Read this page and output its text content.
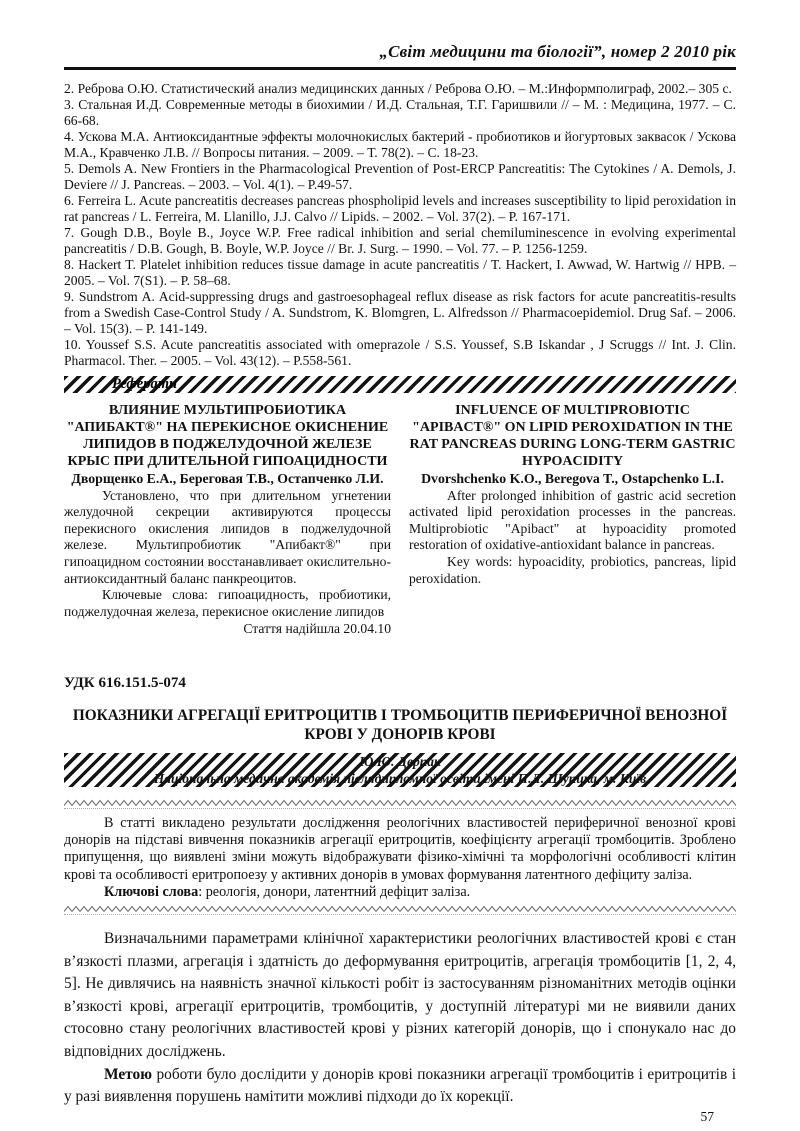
„Світ медицини та біології”, номер 2 2010 рік

2. Реброва О.Ю. Статистический анализ медицинских данных / Реброва О.Ю. – М.:Информполиграф, 2002.– 305 с.

3. Стальная И.Д. Современные методы в биохимии / И.Д. Стальная, Т.Г. Гаришвили // – М. : Медицина, 1977. – С. 66-68.

4. Ускова М.А. Антиоксидантные эффекты молочнокислых бактерий - пробиотиков и йогуртовых заквасок / Ускова М.А., Кравченко Л.В. // Вопросы питания. – 2009. – Т. 78(2). – С. 18-23.

5. Demols A. New Frontiers in the Pharmacological Prevention of Post-ERCP Pancreatitis: The Cytokines / A. Demols, J. Deviere // J. Pancreas. – 2003. – Vol. 4(1). – P.49-57.

6. Ferreira L. Acute pancreatitis decreases pancreas phospholipid levels and increases susceptibility to lipid peroxidation in rat pancreas / L. Ferreira, M. Llanillo, J.J. Calvo // Lipids. – 2002. – Vol. 37(2). – P. 167-171.

7. Gough D.B., Boyle B., Joyce W.P. Free radical inhibition and serial chemiluminescence in evolving experimental pancreatitis / D.B. Gough, B. Boyle, W.P. Joyce // Br. J. Surg. – 1990. – Vol. 77. – P. 1256-1259.

8. Hackert T. Platelet inhibition reduces tissue damage in acute pancreatitis / T. Hackert, I. Awwad, W. Hartwig // HPB. – 2005. – Vol. 7(S1). – P. 58–68.

9. Sundstrom A. Acid-suppressing drugs and gastroesophageal reflux disease as risk factors for acute pancreatitis-results from a Swedish Case-Control Study / A. Sundstrom, K. Blomgren, L. Alfredsson // Pharmacoepidemiol. Drug Saf. – 2006. – Vol. 15(3). – P. 141-149.

10. Youssef S.S. Acute pancreatitis associated with omeprazole / S.S. Youssef, S.B Iskandar , J Scruggs // Int. J. Clin. Pharmacol. Ther. – 2005. – Vol. 43(12). – P.558-561.

Реферати
ВЛИЯНИЕ МУЛЬТИПРОБИОТИКА "АПИБАКТ®" НА ПЕРЕКИСНОЕ ОКИСНЕНИЕ ЛИПИДОВ В ПОДЖЕЛУДОЧНОЙ ЖЕЛЕЗЕ КРЫС ПРИ ДЛИТЕЛЬНОЙ ГИПОАЦИДНОСТИ
Дворщенко Е.А., Береговая Т.В., Остапченко Л.И.

Установлено, что при длительном угнетении желудочной секреции активируются процессы перекисного окисления липидов в поджелудочной железе. Мультипробиотик "Апибакт®" при гипоацидном состоянии восстанавливает окислительно-антиоксидантный баланс панкреоцитов.

Ключевые слова: гипоацидность, пробиотики, поджелудочная железа, перекисное окисление липидов

Стаття надійшла 20.04.10
INFLUENCE OF MULTIPROBIOTIC "APIBACT®" ON LIPID PEROXIDATION IN THE RAT PANCREAS DURING LONG-TERM GASTRIC HYPOACIDITY
Dvorshchenko K.O., Beregova T., Ostapchenko L.I.

After prolonged inhibition of gastric acid secretion activated lipid peroxidation processes in the pancreas. Multiprobiotic "Apibact" at hypoacidity promoted restoration of oxidative-antioxidant balance in pancreas.

Key words: hypoacidity, probiotics, pancreas, lipid peroxidation.

УДК 616.151.5-074
ПОКАЗНИКИ АГРЕГАЦІЇ ЕРИТРОЦИТІВ І ТРОМБОЦИТІВ ПЕРИФЕРИЧНОЇ ВЕНОЗНОЇ КРОВІ У ДОНОРІВ КРОВІ
Ю.Ю. Дерпак
Національна медична академія післядипломної освіти імені П.Л. Шупика, м. Київ

В статті викладено результати дослідження реологічних властивостей периферичної венозної крові донорів на підставі вивчення показників агрегації еритроцитів, коефіцієнту агрегації тромбоцитів. Зроблено припущення, що виявлені зміни можуть відображувати фізико-хімічні та морфологічні особливості клітин крові та особливості еритропоезу у активних донорів в умовах формування латентного дефіциту заліза.

Ключові слова: реологія, донори, латентний дефіцит заліза.

Визначальними параметрами клінічної характеристики реологічних властивостей крові є стан в’язкості плазми, агрегація і здатність до деформування еритроцитів, агрегація тромбоцитів [1, 2, 4, 5]. Не дивлячись на наявність значної кількості робіт із застосуванням різноманітних методів оцінки в’язкості крові, агрегації еритроцитів, тромбоцитів, у доступній літературі ми не виявили даних стосовно стану реологічних властивостей крові у різних категорій донорів, що і спонукало нас до відповідних досліджень.

Метою роботи було дослідити у донорів крові показники агрегації тромбоцитів і еритроцитів і у разі виявлення порушень намітити можливі підходи до їх корекції.

57
